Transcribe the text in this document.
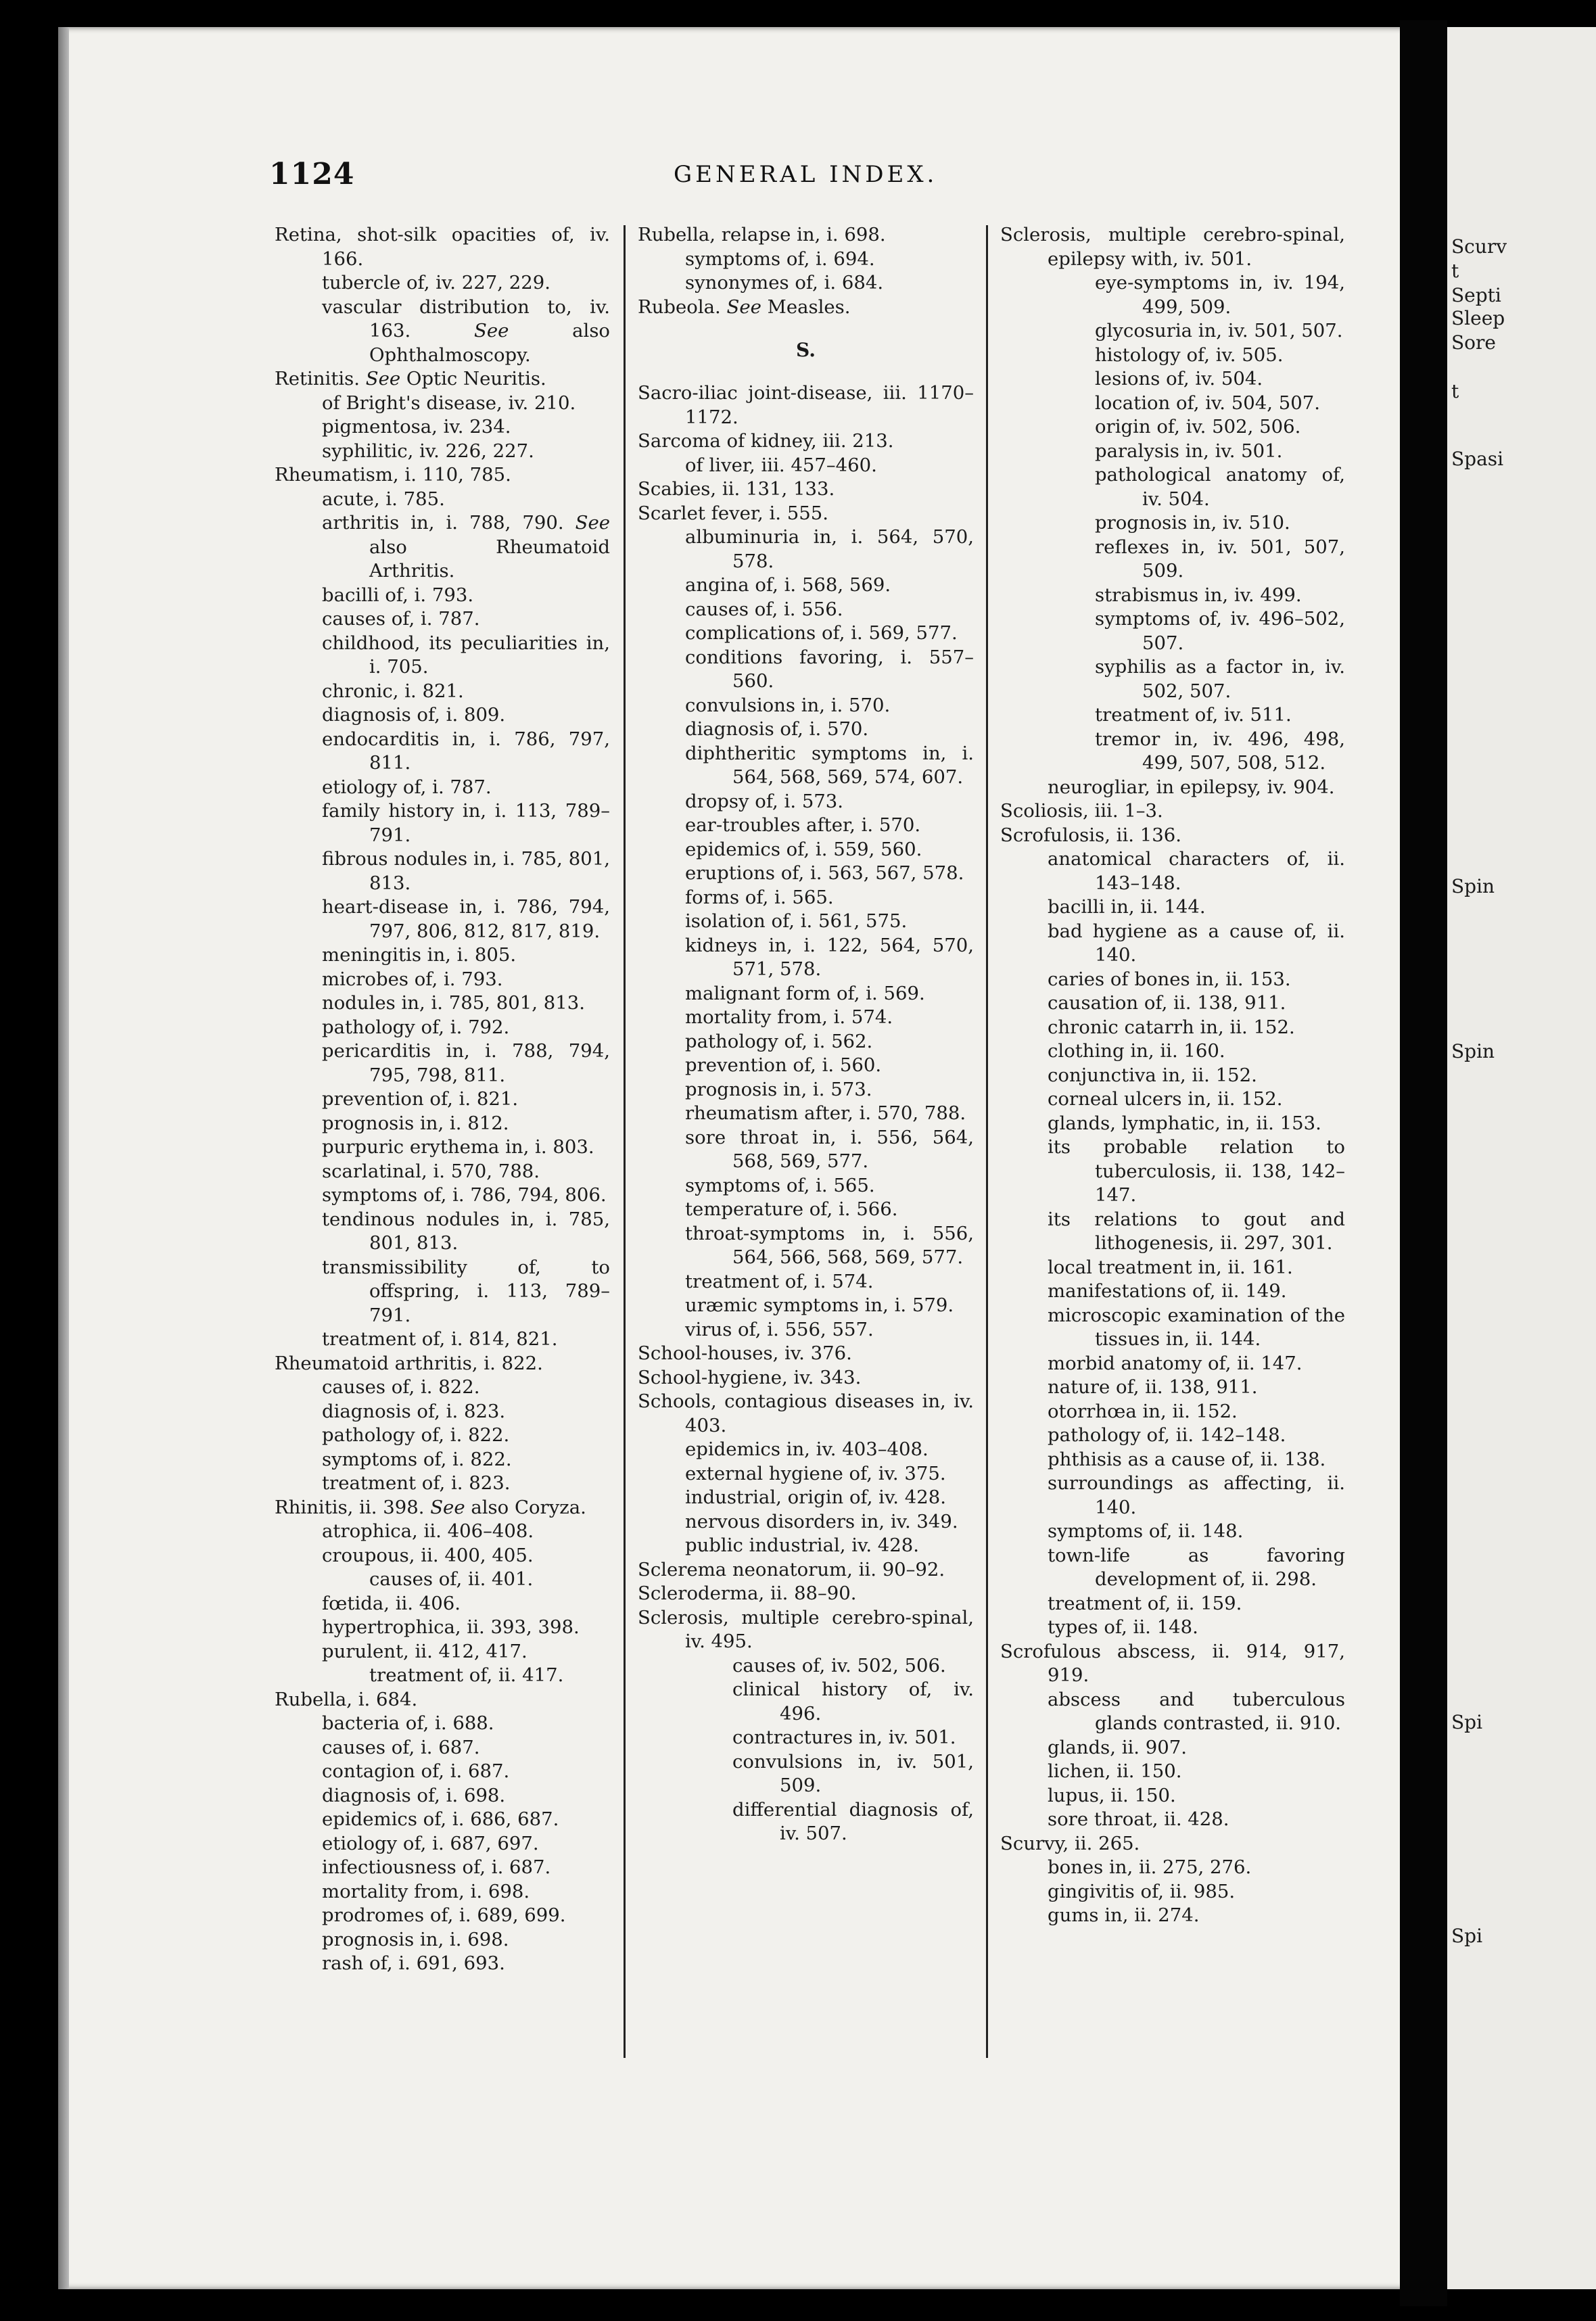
1124	GENERAL INDEX.

Retina, shot-silk opacities of, iv. 166.

tubercle of, iv. 227, 229.

vascular distribution to, iv. 163. See also Ophthalmoscopy.

Retinitis. See Optic Neuritis.

of Bright's disease, iv. 210.

pigmentosa, iv. 234.

syphilitic, iv. 226, 227.

Rheumatism, i. 110, 785.

acute, i. 785.

arthritis in, i. 788, 790. See also Rheumatoid Arthritis.

bacilli of, i. 793.

causes of, i. 787.

childhood, its peculiarities in, i. 705.

chronic, i. 821.

diagnosis of, i. 809.

endocarditis in, i. 786, 797, 811.

etiology of, i. 787.

family history in, i. 113, 789–791.

fibrous nodules in, i. 785, 801, 813.

heart-disease in, i. 786, 794, 797, 806, 812, 817, 819.

meningitis in, i. 805.

microbes of, i. 793.

nodules in, i. 785, 801, 813.

pathology of, i. 792.

pericarditis in, i. 788, 794, 795, 798, 811.

prevention of, i. 821.

prognosis in, i. 812.

purpuric erythema in, i. 803.

scarlatinal, i. 570, 788.

symptoms of, i. 786, 794, 806.

tendinous nodules in, i. 785, 801, 813.

transmissibility of, to offspring, i. 113, 789–791.

treatment of, i. 814, 821.

Rheumatoid arthritis, i. 822.

causes of, i. 822.

diagnosis of, i. 823.

pathology of, i. 822.

symptoms of, i. 822.

treatment of, i. 823.

Rhinitis, ii. 398. See also Coryza.

atrophica, ii. 406–408.

croupous, ii. 400, 405.

causes of, ii. 401.

fœtida, ii. 406.

hypertrophica, ii. 393, 398.

purulent, ii. 412, 417.

treatment of, ii. 417.

Rubella, i. 684.

bacteria of, i. 688.

causes of, i. 687.

contagion of, i. 687.

diagnosis of, i. 698.

epidemics of, i. 686, 687.

etiology of, i. 687, 697.

infectiousness of, i. 687.

mortality from, i. 698.

prodromes of, i. 689, 699.

prognosis in, i. 698.

rash of, i. 691, 693.

Rubella, relapse in, i. 698.

symptoms of, i. 694.

synonymes of, i. 684.

Rubeola. See Measles.

S.

Sacro-iliac joint-disease, iii. 1170–1172.

Sarcoma of kidney, iii. 213.

of liver, iii. 457–460.

Scabies, ii. 131, 133.

Scarlet fever, i. 555.

albuminuria in, i. 564, 570, 578.

angina of, i. 568, 569.

causes of, i. 556.

complications of, i. 569, 577.

conditions favoring, i. 557–560.

convulsions in, i. 570.

diagnosis of, i. 570.

diphtheritic symptoms in, i. 564, 568, 569, 574, 607.

dropsy of, i. 573.

ear-troubles after, i. 570.

epidemics of, i. 559, 560.

eruptions of, i. 563, 567, 578.

forms of, i. 565.

isolation of, i. 561, 575.

kidneys in, i. 122, 564, 570, 571, 578.

malignant form of, i. 569.

mortality from, i. 574.

pathology of, i. 562.

prevention of, i. 560.

prognosis in, i. 573.

rheumatism after, i. 570, 788.

sore throat in, i. 556, 564, 568, 569, 577.

symptoms of, i. 565.

temperature of, i. 566.

throat-symptoms in, i. 556, 564, 566, 568, 569, 577.

treatment of, i. 574.

uræmic symptoms in, i. 579.

virus of, i. 556, 557.

School-houses, iv. 376.

School-hygiene, iv. 343.

Schools, contagious diseases in, iv. 403.

epidemics in, iv. 403–408.

external hygiene of, iv. 375.

industrial, origin of, iv. 428.

nervous disorders in, iv. 349.

public industrial, iv. 428.

Sclerema neonatorum, ii. 90–92.

Scleroderma, ii. 88–90.

Sclerosis, multiple cerebro-spinal, iv. 495.

causes of, iv. 502, 506.

clinical history of, iv. 496.

contractures in, iv. 501.

convulsions in, iv. 501, 509.

differential diagnosis of, iv. 507.

Sclerosis, multiple cerebro-spinal, epilepsy with, iv. 501.

eye-symptoms in, iv. 194, 499, 509.

glycosuria in, iv. 501, 507.

histology of, iv. 505.

lesions of, iv. 504.

location of, iv. 504, 507.

origin of, iv. 502, 506.

paralysis in, iv. 501.

pathological anatomy of, iv. 504.

prognosis in, iv. 510.

reflexes in, iv. 501, 507, 509.

strabismus in, iv. 499.

symptoms of, iv. 496–502, 507.

syphilis as a factor in, iv. 502, 507.

treatment of, iv. 511.

tremor in, iv. 496, 498, 499, 507, 508, 512.

neurogliar, in epilepsy, iv. 904.

Scoliosis, iii. 1–3.

Scrofulosis, ii. 136.

anatomical characters of, ii. 143–148.

bacilli in, ii. 144.

bad hygiene as a cause of, ii. 140.

caries of bones in, ii. 153.

causation of, ii. 138, 911.

chronic catarrh in, ii. 152.

clothing in, ii. 160.

conjunctiva in, ii. 152.

corneal ulcers in, ii. 152.

glands, lymphatic, in, ii. 153.

its probable relation to tuberculosis, ii. 138, 142–147.

its relations to gout and lithogenesis, ii. 297, 301.

local treatment in, ii. 161.

manifestations of, ii. 149.

microscopic examination of the tissues in, ii. 144.

morbid anatomy of, ii. 147.

nature of, ii. 138, 911.

otorrhœa in, ii. 152.

pathology of, ii. 142–148.

phthisis as a cause of, ii. 138.

surroundings as affecting, ii. 140.

symptoms of, ii. 148.

town-life as favoring development of, ii. 298.

treatment of, ii. 159.

types of, ii. 148.

Scrofulous abscess, ii. 914, 917, 919.

abscess and tuberculous glands contrasted, ii. 910.

glands, ii. 907.

lichen, ii. 150.

lupus, ii. 150.

sore throat, ii. 428.

Scurvy, ii. 265.

bones in, ii. 275, 276.

gingivitis of, ii. 985.

gums in, ii. 274.

Scurv
t
Septi
Sleep
Sore
t
Spasi
Spin
Spin
Spi
Spi
